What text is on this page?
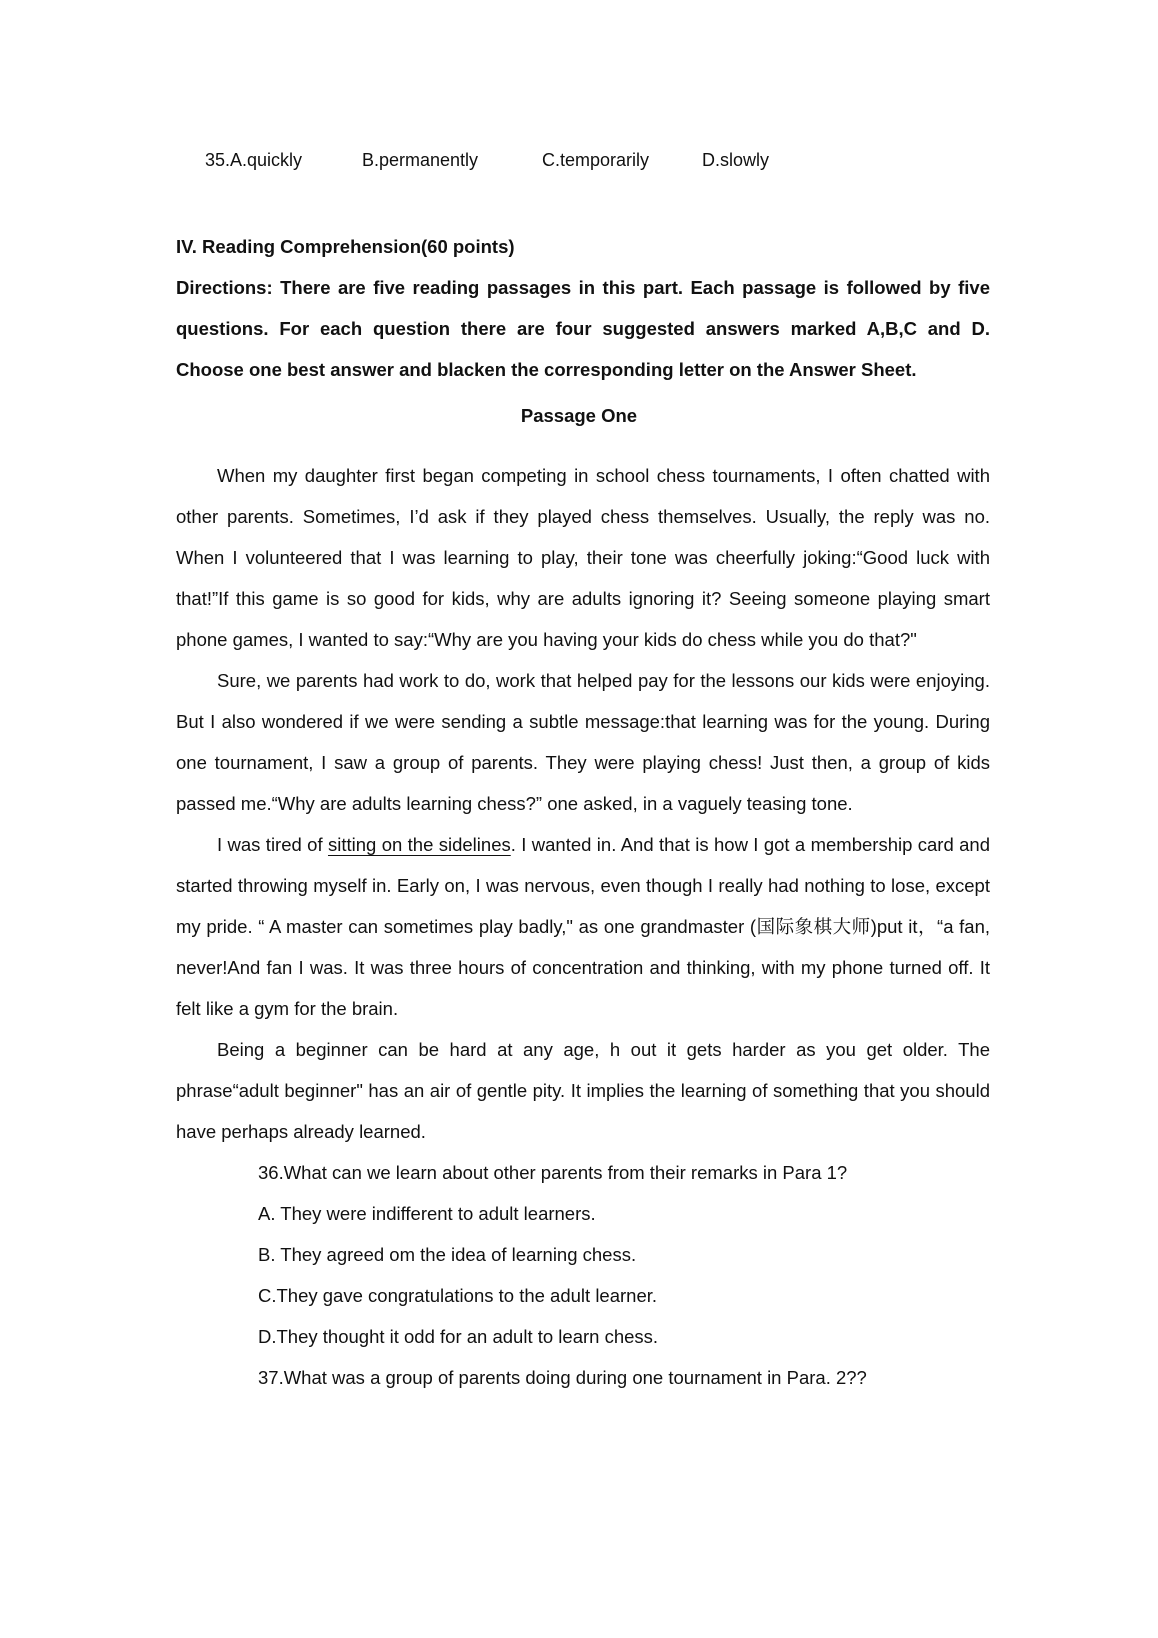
35.A.quickly	B.permanently	C.temporarily	D.slowly
IV. Reading Comprehension(60 points)
Directions: There are five reading passages in this part. Each passage is followed by five questions. For each question there are four suggested answers marked A,B,C and D. Choose one best answer and blacken the corresponding letter on the Answer Sheet.
Passage One

When my daughter first began competing in school chess tournaments, I often chatted with other parents. Sometimes, I’d ask if they played chess themselves. Usually, the reply was no. When I volunteered that I was learning to play, their tone was cheerfully joking:“Good luck with that!”If this game is so good for kids, why are adults ignoring it? Seeing someone playing smart phone games, I wanted to say:“Why are you having your kids do chess while you do that?"

Sure, we parents had work to do, work that helped pay for the lessons our kids were enjoying. But I also wondered if we were sending a subtle message:that learning was for the young. During one tournament, I saw a group of parents. They were playing chess! Just then, a group of kids passed me.“Why are adults learning chess?” one asked, in a vaguely teasing tone.

I was tired of sitting on the sidelines. I wanted in. And that is how I got a membership card and started throwing myself in. Early on, I was nervous, even though I really had nothing to lose, except my pride. “ A master can sometimes play badly," as one grandmaster (国际象棋大师)put it，“a fan, never!And fan I was. It was three hours of concentration and thinking, with my phone turned off. It felt like a gym for the brain.

Being a beginner can be hard at any age, h out it gets harder as you get older. The phrase“adult beginner" has an air of gentle pity. It implies the learning of something that you should have perhaps already learned.

36.What can we learn about other parents from their remarks in Para 1?

A. They were indifferent to adult learners.

B. They agreed om the idea of learning chess.

C.They gave congratulations to the adult learner.

D.They thought it odd for an adult to learn chess.

37.What was a group of parents doing during one tournament in Para. 2??
